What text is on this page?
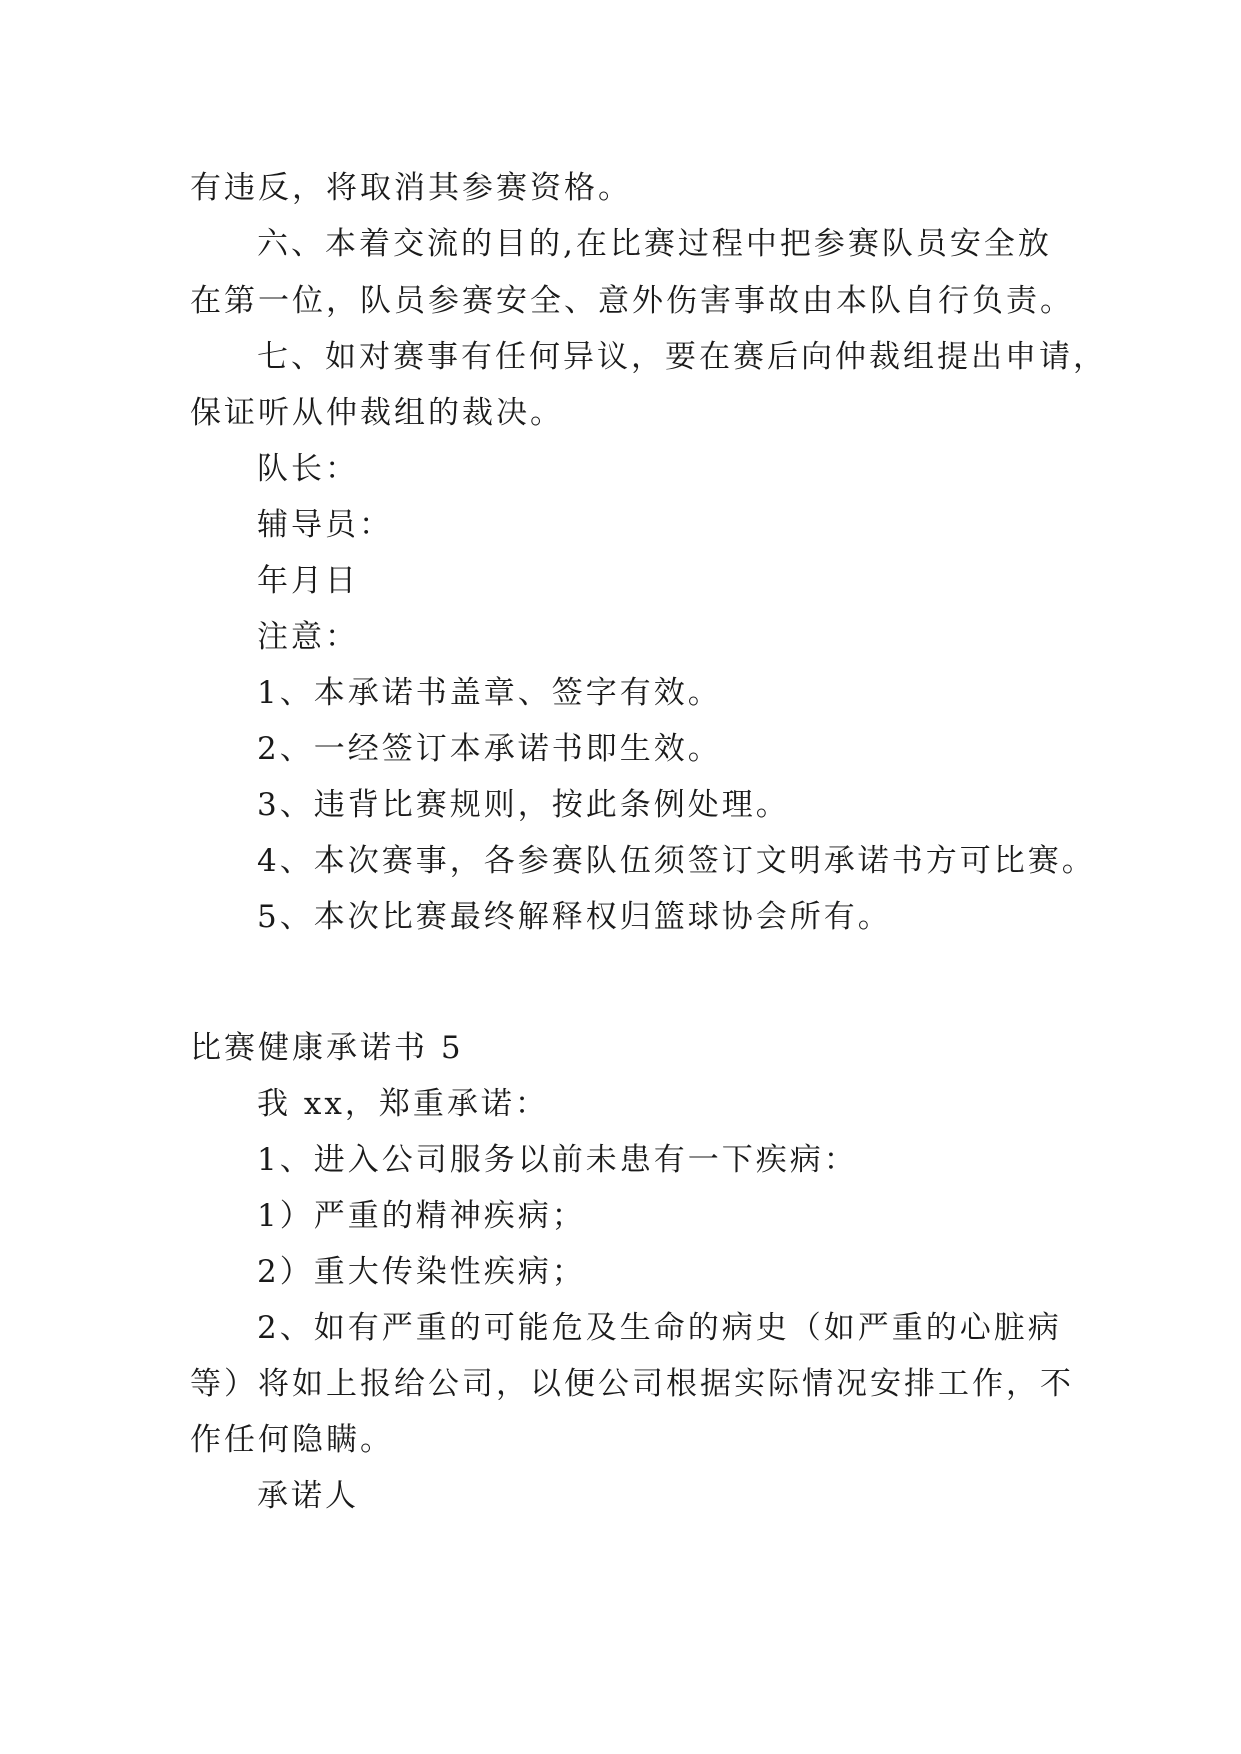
有违反，将取消其参赛资格。
六、本着交流的目的,在比赛过程中把参赛队员安全放
在第一位，队员参赛安全、意外伤害事故由本队自行负责。
七、如对赛事有任何异议，要在赛后向仲裁组提出申请，
保证听从仲裁组的裁决。
队长：
辅导员：
年月日
注意：
1、本承诺书盖章、签字有效。
2、一经签订本承诺书即生效。
3、违背比赛规则，按此条例处理。
4、本次赛事，各参赛队伍须签订文明承诺书方可比赛。
5、本次比赛最终解释权归篮球协会所有。
比赛健康承诺书 5
我 xx，郑重承诺：
1、进入公司服务以前未患有一下疾病：
1）严重的精神疾病；
2）重大传染性疾病；
2、如有严重的可能危及生命的病史（如严重的心脏病
等）将如上报给公司，以便公司根据实际情况安排工作，不
作任何隐瞒。
承诺人
